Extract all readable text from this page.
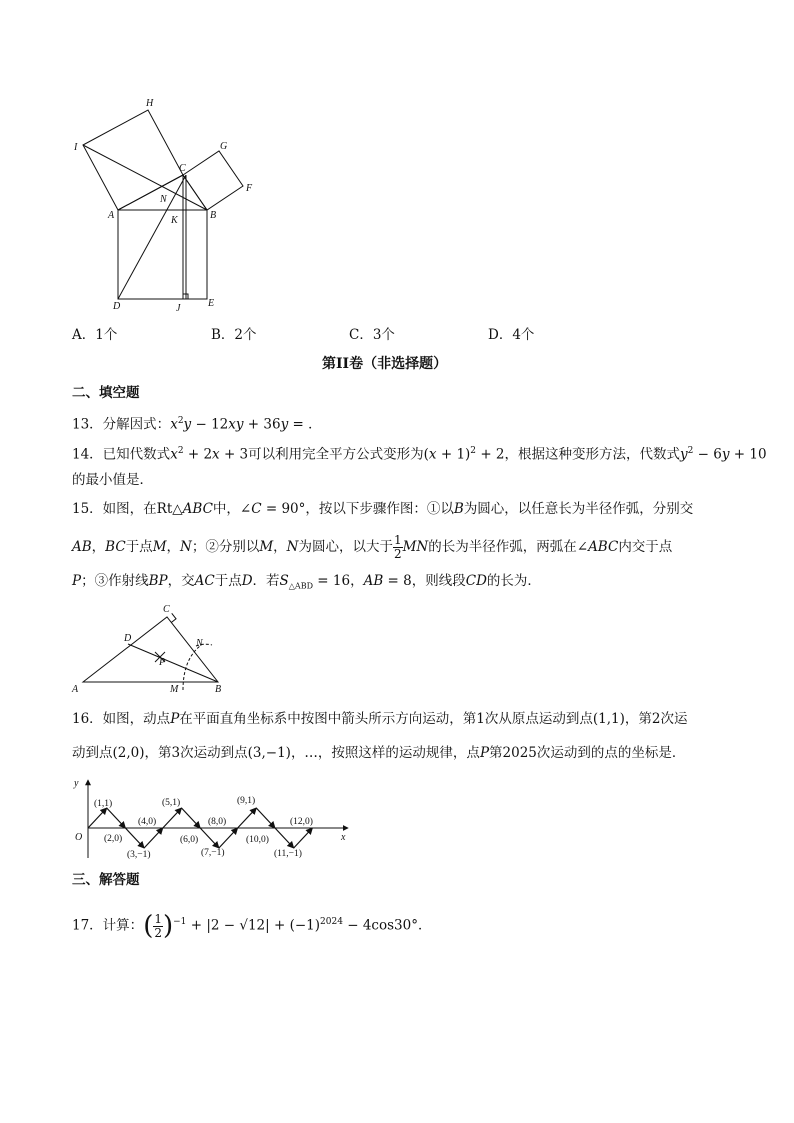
H
I
C
G
F
N
A	K	B
D	J	E
A．1个	B．2个	C．3个	D．4个
第II卷（非选择题）
二、填空题
13．分解因式：$x^2y - 12xy + 36y$ = ．
14．已知代数式$x^2 + 2x + 3$可以利用完全平方公式变形为$(x + 1)^2 + 2$，根据这种变形方法，代数式$y^2 - 6y + 10$
的最小值是．
15．如图，在Rt△ABC中，∠C = 90°，按以下步骤作图：①以B为圆心，以任意长为半径作弧，分别交
AB，BC于点M，N；②分别以M，N为圆心，以大于 $\frac{1}{2}$ MN的长为半径作弧，两弧在∠ABC内交于点
P；③作射线BP，交AC于点D．若$S_{\triangle ABD} = 16$，AB = 8，则线段CD的长为．
C
D	N
P
A	M	B
16．如图，动点P在平面直角坐标系中按图中箭头所示方向运动，第1次从原点运动到点(1,1)，第2次运
动到点(2,0)，第3次运动到点(3,−1)，…，按照这样的运动规律，点P第2025次运动到的点的坐标是．
y
x
O
(1,1)
(2,0)
(3,−1)
(4,0)
(5,1)
(6,0)
(7,−1)
(8,0)
(9,1)
(10,0)
(11,−1)
(12,0)
三、解答题
17．计算：( $\frac{1}{2} )^{-1} + |2 - √12| + (-1)^{2024} - 4\cos 30^\circ$．
